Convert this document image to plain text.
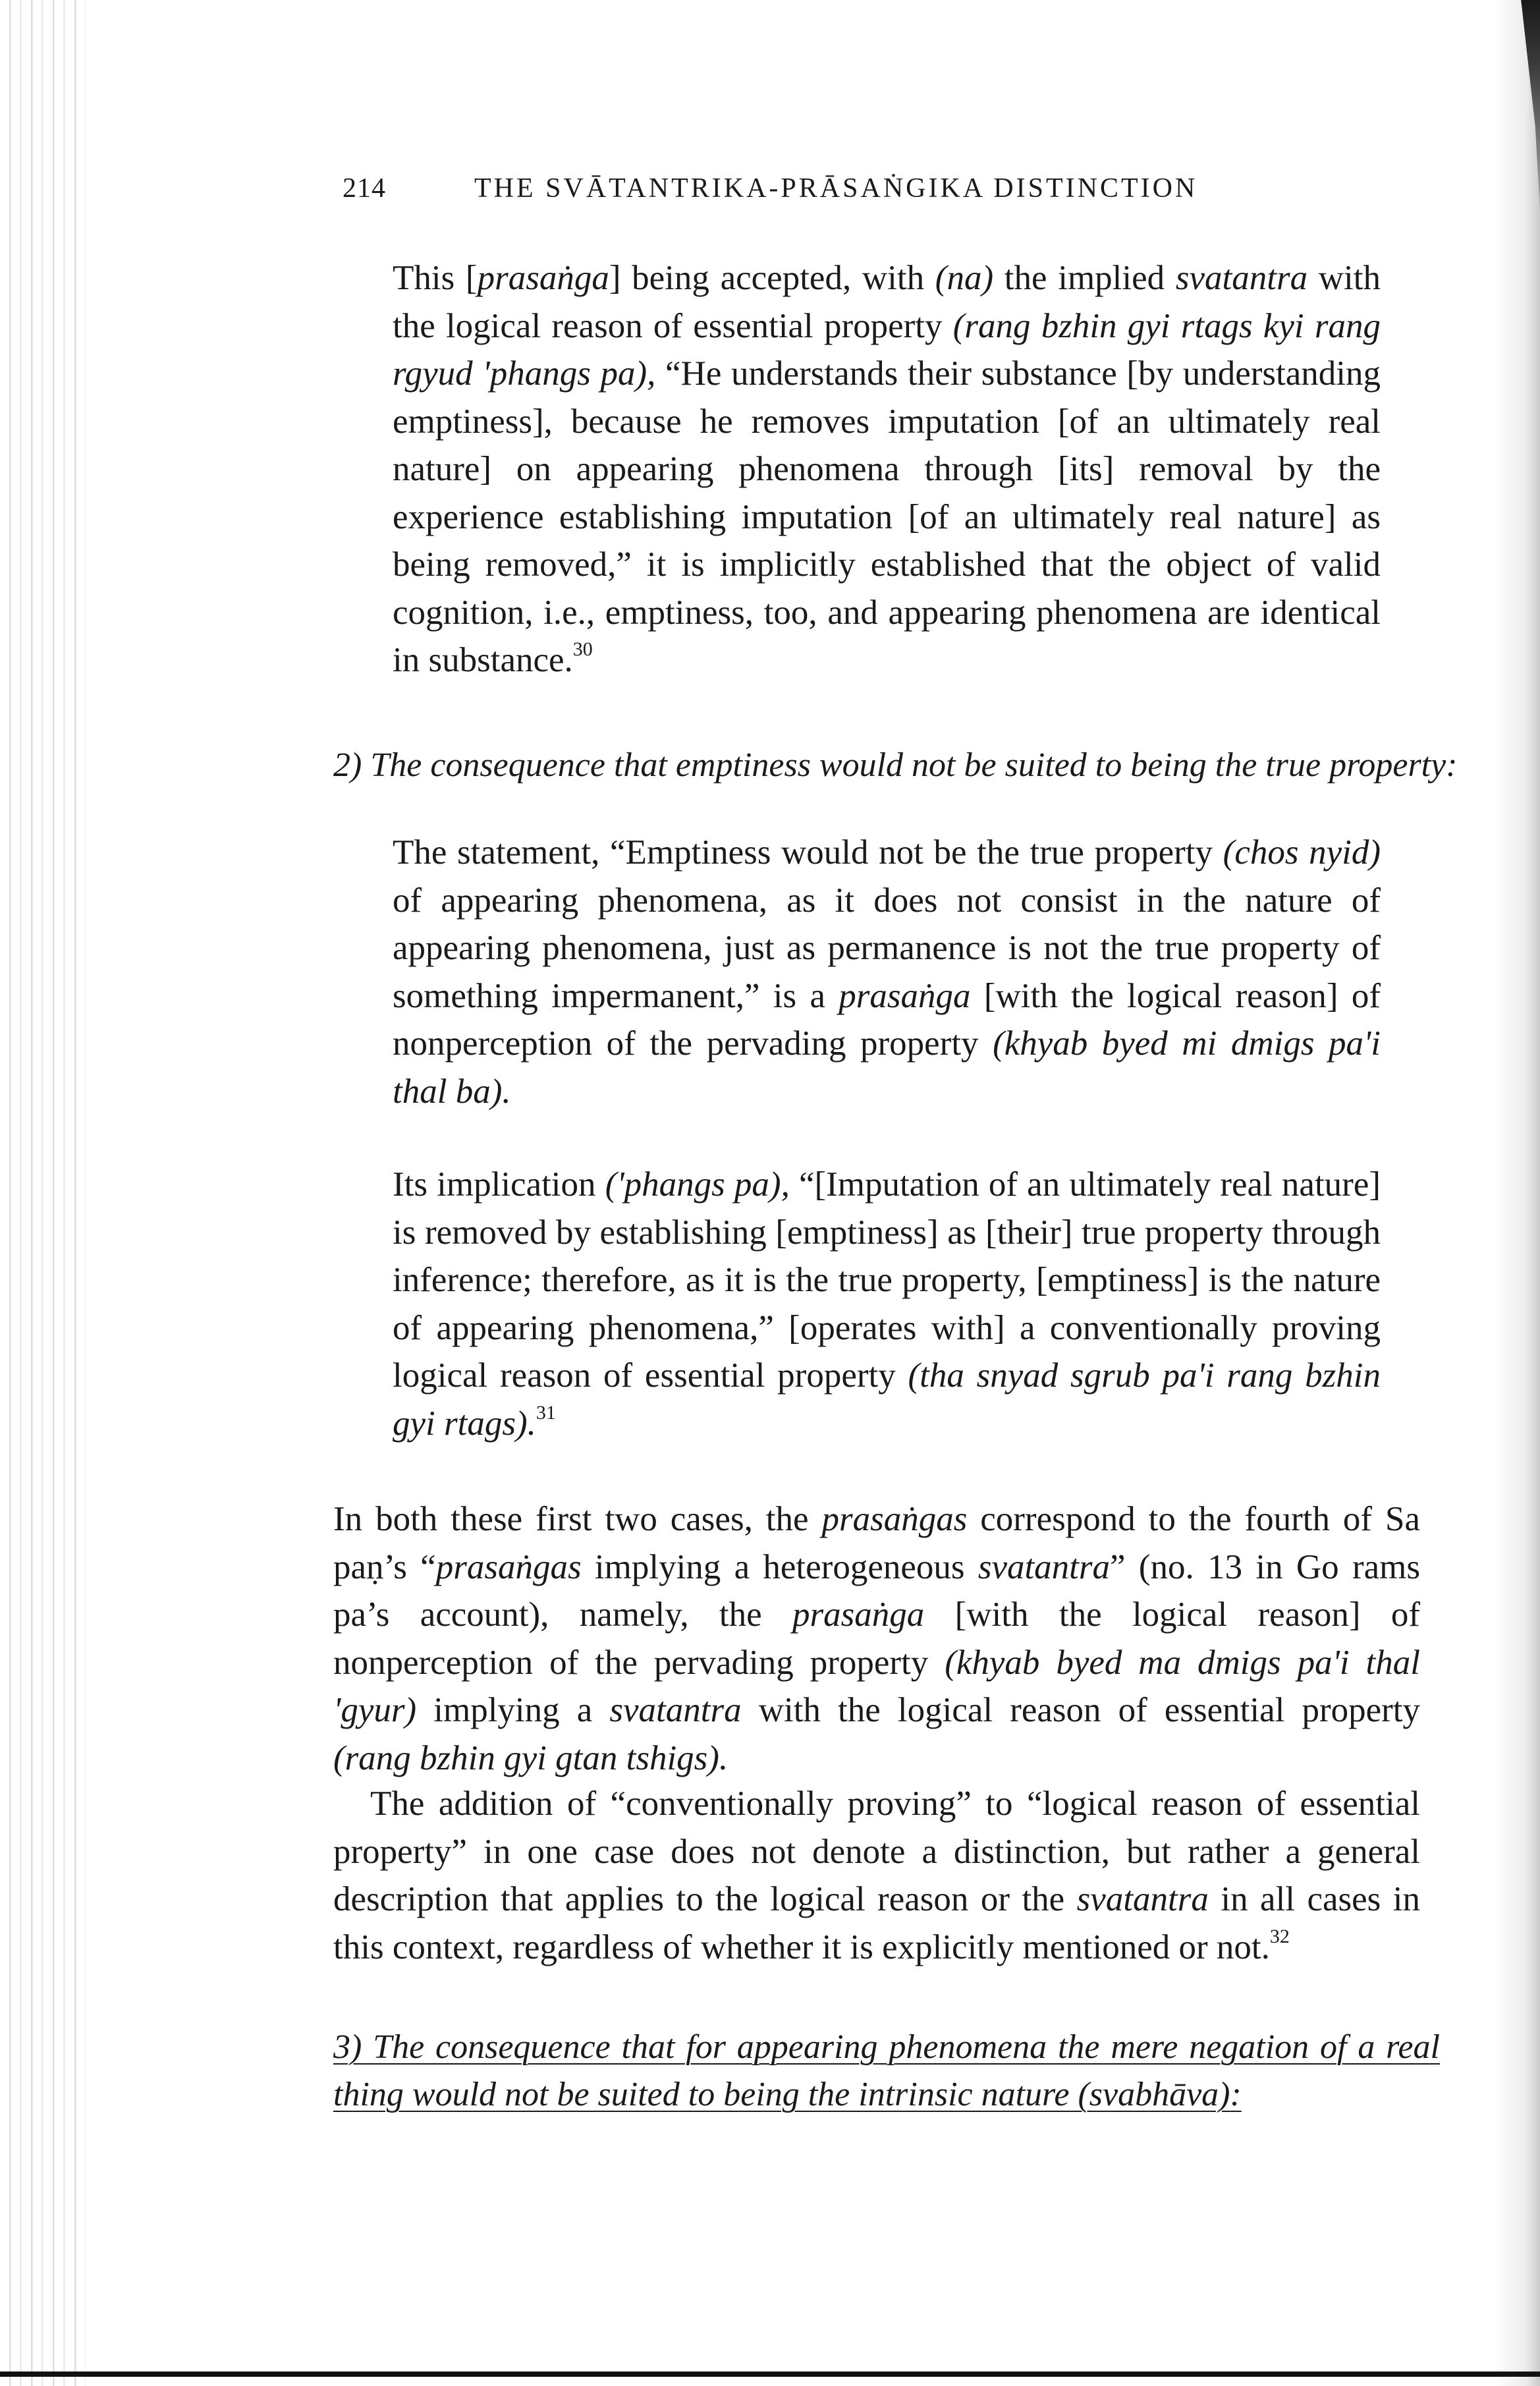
214	THE SVĀTANTRIKA-PRĀSAṄGIKA DISTINCTION

This [prasaṅga] being accepted, with (na) the implied svatantra with the logical reason of essential property (rang bzhin gyi rtags kyi rang rgyud 'phangs pa), “He understands their substance [by understanding emptiness], because he removes imputation [of an ultimately real nature] on appearing phenomena through [its] removal by the experience establishing imputation [of an ultimately real nature] as being removed,” it is implicitly established that the object of valid cognition, i.e., emptiness, too, and appearing phenomena are identical in substance.$^{30}$

2) The consequence that emptiness would not be suited to being the true property:

The statement, “Emptiness would not be the true property (chos nyid) of appearing phenomena, as it does not consist in the nature of appearing phenomena, just as permanence is not the true property of something impermanent,” is a prasaṅga [with the logical reason] of nonperception of the pervading property (khyab byed mi dmigs pa'i thal ba).

Its implication ('phangs pa), “[Imputation of an ultimately real nature] is removed by establishing [emptiness] as [their] true property through inference; therefore, as it is the true property, [emptiness] is the nature of appearing phenomena,” [operates with] a conventionally proving logical reason of essential property (tha snyad sgrub pa'i rang bzhin gyi rtags).$^{31}$

In both these first two cases, the prasaṅgas correspond to the fourth of Sa paṇ’s “prasaṅgas implying a heterogeneous svatantra” (no. 13 in Go rams pa’s account), namely, the prasaṅga [with the logical reason] of nonperception of the pervading property (khyab byed ma dmigs pa'i thal 'gyur) implying a svatantra with the logical reason of essential property (rang bzhin gyi gtan tshigs).

The addition of “conventionally proving” to “logical reason of essential property” in one case does not denote a distinction, but rather a general description that applies to the logical reason or the svatantra in all cases in this context, regardless of whether it is explicitly mentioned or not.$^{32}$

3) The consequence that for appearing phenomena the mere negation of a real thing would not be suited to being the intrinsic nature (svabhāva):
